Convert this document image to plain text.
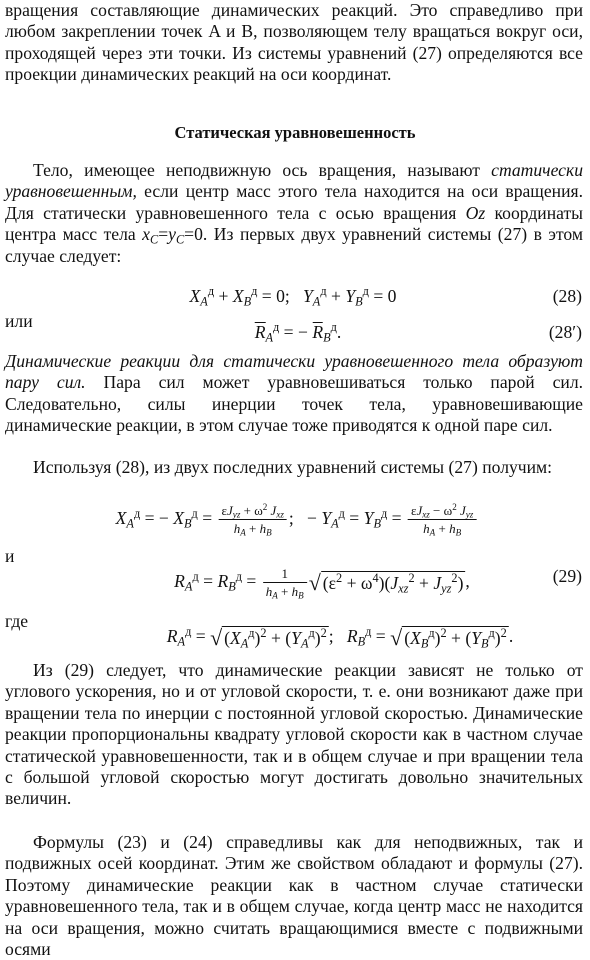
вращения составляющие динамических реакций. Это справедливо при любом закреплении точек A и B, позволяющем телу вращаться вокруг оси, проходящей через эти точки. Из системы уравнений (27) определяются все проекции динамических реакций на оси координат.

Статическая уравновешенность

Тело, имеющее неподвижную ось вращения, называют статически уравновешенным, если центр масс этого тела находится на оси вращения. Для статически уравновешенного тела с осью вращения Oz координаты центра масс тела $x_C=y_C=0$. Из первых двух уравнений системы (27) в этом случае следует:

$X_A^д + X_B^д = 0$;   $Y_A^д + Y_B^д = 0$	(28)

или

$R_A^д$ = − $R_B^д$.	(28′)

Динамические реакции для статически уравновешенного тела образуют пару сил. Пара сил может уравновешиваться только парой сил. Следовательно, силы инерции точек тела, уравновешивающие динамические реакции, в этом случае тоже приводятся к одной паре сил.

Используя (28), из двух последних уравнений системы (27) получим:

$X_A^д$ = − $X_B^д = \frac{\varepsilon J_{yz} + \omega^2 J_{xz}}{h_A + h_B}$ ;   − $Y_A^д = Y_B^д = \frac{\varepsilon J_{xz} - \omega^2 J_{yz}}{h_A + h_B}$

и

$R_A^д = R_B^д = \frac{1}{h_A + h_B}$ √ $(\varepsilon^2 + \omega^4)(J_{xz}^2 + J_{yz}^2)$ ,	(29)

где

$R_A^д$ = √ $(X_A^д)^2 + (Y_A^д)^2$ ;   $R_B^д$ = √ $(X_B^д)^2 + (Y_B^д)^2$ .

Из (29) следует, что динамические реакции зависят не только от углового ускорения, но и от угловой скорости, т. е. они возникают даже при вращении тела по инерции с постоянной угловой скоростью. Динамические реакции пропорциональны квадрату угловой скорости как в частном случае статической уравновешенности, так и в общем случае и при вращении тела с большой угловой скоростью могут достигать довольно значительных величин.

Формулы (23) и (24) справедливы как для неподвижных, так и подвижных осей координат. Этим же свойством обладают и формулы (27). Поэтому динамические реакции как в частном случае статически уравновешенного тела, так и в общем случае, когда центр масс не находится на оси вращения, можно считать вращающимися вместе с подвижными осями
